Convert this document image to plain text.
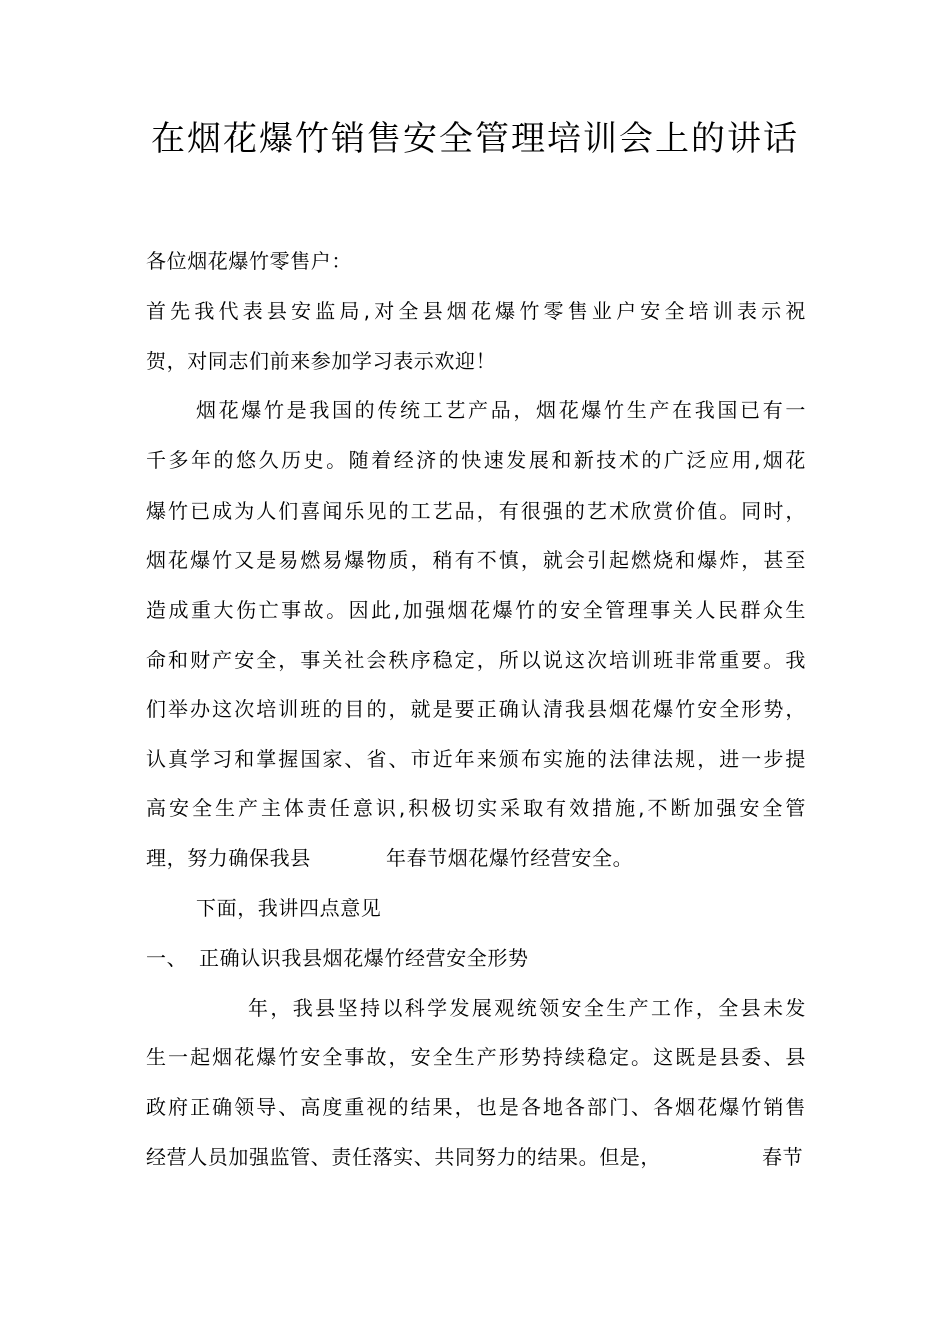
在烟花爆竹销售安全管理培训会上的讲话
各位烟花爆竹零售户：
首先我代表县安监局,对全县烟花爆竹零售业户安全培训表示祝
贺，对同志们前来参加学习表示欢迎！
烟花爆竹是我国的传统工艺产品，烟花爆竹生产在我国已有一
千多年的悠久历史。随着经济的快速发展和新技术的广泛应用,烟花
爆竹已成为人们喜闻乐见的工艺品，有很强的艺术欣赏价值。同时，
烟花爆竹又是易燃易爆物质，稍有不慎，就会引起燃烧和爆炸，甚至
造成重大伤亡事故。因此,加强烟花爆竹的安全管理事关人民群众生
命和财产安全，事关社会秩序稳定，所以说这次培训班非常重要。我
们举办这次培训班的目的，就是要正确认清我县烟花爆竹安全形势，
认真学习和掌握国家、省、市近年来颁布实施的法律法规，进一步提
高安全生产主体责任意识,积极切实采取有效措施,不断加强安全管
理，努力确保我县	年春节烟花爆竹经营安全。
下面，我讲四点意见
一、 正确认识我县烟花爆竹经营安全形势
年，我县坚持以科学发展观统领安全生产工作，全县未发
生一起烟花爆竹安全事故，安全生产形势持续稳定。这既是县委、县
政府正确领导、高度重视的结果，也是各地各部门、各烟花爆竹销售
经营人员加强监管、责任落实、共同努力的结果。但是，	春节
